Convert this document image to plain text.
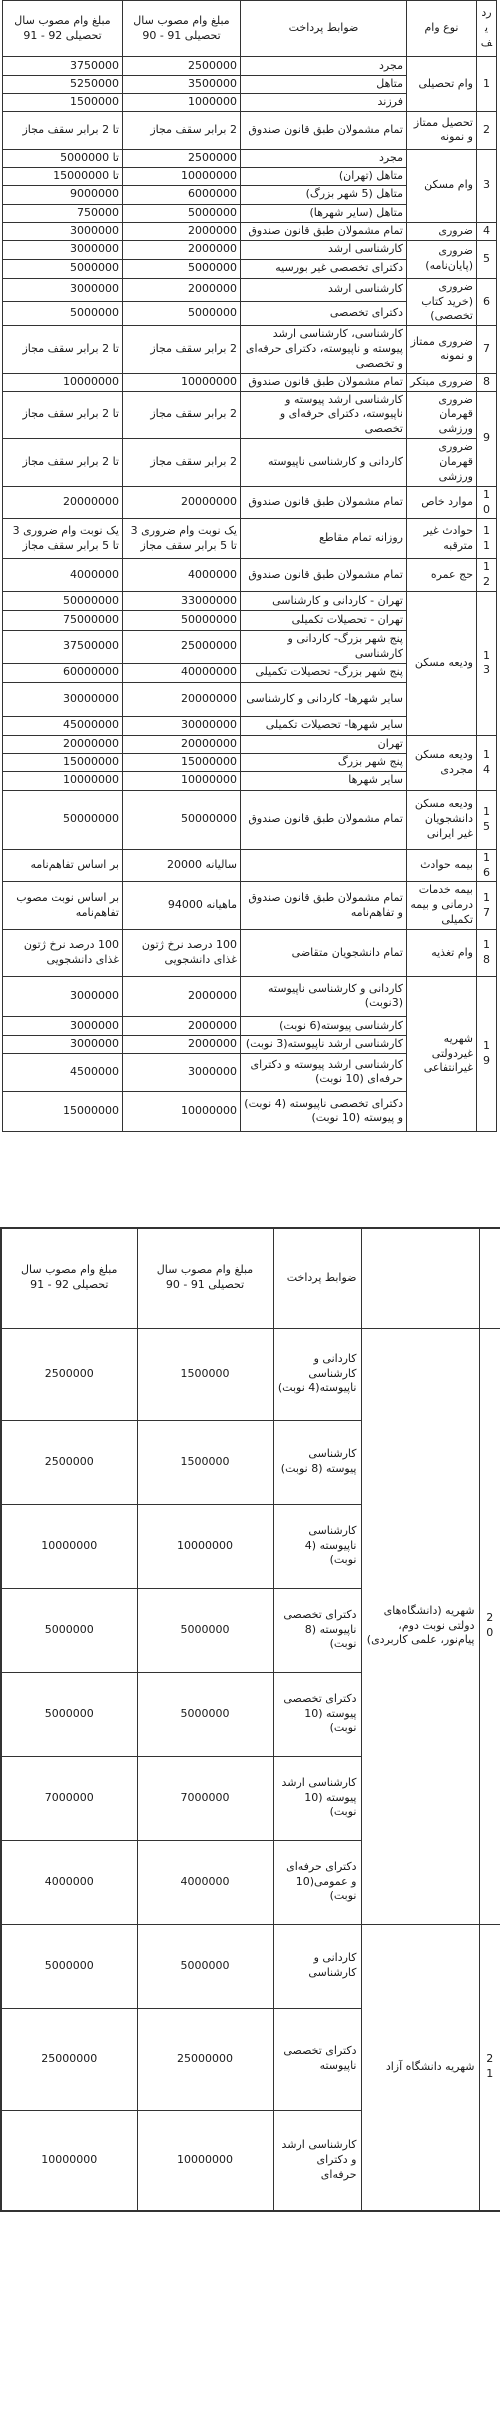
ردیف	نوع وام	ضوابط پرداخت	مبلغ وام مصوب سال تحصیلی 91 - 90	مبلغ وام مصوب سال تحصیلی 92 - 91
1	وام تحصیلی	مجرد	2500000	3750000
		متاهل	3500000	5250000
		فرزند	1000000	1500000
2	تحصیل ممتاز و نمونه	تمام مشمولان طبق قانون صندوق	2 برابر سقف مجاز	تا 2 برابر سقف مجاز
3	وام مسکن	مجرد	2500000	تا 5000000
		متاهل (تهران)	10000000	تا 15000000
		متاهل (5 شهر بزرگ)	6000000	9000000
		متاهل (سایر شهرها)	5000000	750000
4	ضروری	تمام مشمولان طبق قانون صندوق	2000000	3000000
5	ضروری (پایان‌نامه)	کارشناسی ارشد	2000000	3000000
		دکترای تخصصی غیر بورسیه	5000000	5000000
6	ضروری (خرید کتاب تخصصی)	کارشناسی ارشد	2000000	3000000
		دکترای تخصصی	5000000	5000000
7	ضروری ممتاز و نمونه	کارشناسی، کارشناسی ارشد پیوسته و ناپیوسته، دکترای حرفه‌ای و تخصصی	2 برابر سقف مجاز	تا 2 برابر سقف مجاز
8	ضروری مبتکر	تمام مشمولان طبق قانون صندوق	10000000	10000000
9	ضروری قهرمان ورزشی	کارشناسی ارشد پیوسته و ناپیوسته، دکترای حرفه‌ای و تخصصی	2 برابر سقف مجاز	تا 2 برابر سقف مجاز
	ضروری قهرمان ورزشی	کاردانی و کارشناسی ناپیوسته	2 برابر سقف مجاز	تا 2 برابر سقف مجاز
10	موارد خاص	تمام مشمولان طبق قانون صندوق	20000000	20000000
11	حوادث غیر مترقبه	روزانه تمام مقاطع	یک نوبت وام ضروری 3 تا 5 برابر سقف مجاز	یک نوبت وام ضروری 3 تا 5 برابر سقف مجاز
12	حج عمره	تمام مشمولان طبق قانون صندوق	4000000	4000000
13	ودیعه مسکن	تهران - کاردانی و کارشناسی	33000000	50000000
		تهران - تحصیلات تکمیلی	50000000	75000000
		پنج شهر بزرگ- کاردانی و کارشناسی	25000000	37500000
		پنج شهر بزرگ- تحصیلات تکمیلی	40000000	60000000
		سایر شهرها- کاردانی و کارشناسی	20000000	30000000
		سایر شهرها- تحصیلات تکمیلی	30000000	45000000
14	ودیعه مسکن مجردی	تهران	20000000	20000000
		پنج شهر بزرگ	15000000	15000000
		سایر شهرها	10000000	10000000
15	ودیعه مسکن دانشجویان غیر ایرانی	تمام مشمولان طبق قانون صندوق	50000000	50000000
16	بیمه حوادث		سالیانه 20000	بر اساس تفاهم‌نامه
17	بیمه خدمات درمانی و بیمه تکمیلی	تمام مشمولان طبق قانون صندوق و تفاهم‌نامه	ماهیانه 94000	بر اساس نوبت مصوب تفاهم‌نامه
18	وام تغذیه	تمام دانشجویان متقاضی	100 درصد نرخ ژتون غذای دانشجویی	100 درصد نرخ ژتون غذای دانشجویی
19	شهریه غیردولتی غیرانتفاعی	کاردانی و کارشناسی ناپیوسته (3نوبت)	2000000	3000000
		کارشناسی پیوسته(6 نوبت)	2000000	3000000
		کارشناسی ارشد ناپیوسته(3 نوبت)	2000000	3000000
		کارشناسی ارشد پیوسته و دکترای حرفه‌ای (10 نوبت)	3000000	4500000
		دکترای تخصصی ناپیوسته (4 نوبت) و پیوسته (10 نوبت)	10000000	15000000
		ضوابط پرداخت	مبلغ وام مصوب سال تحصیلی 91 - 90	مبلغ وام مصوب سال تحصیلی 92 - 91
20	شهریه (دانشگاه‌های دولتی نوبت دوم، پیام‌نور، علمی کاربردی)	کاردانی و کارشناسی ناپیوسته(4 نوبت)	1500000	2500000
		کارشناسی پیوسته (8 نوبت)	1500000	2500000
		کارشناسی ناپیوسته (4 نوبت)	10000000	10000000
		دکترای تخصصی ناپیوسته (8 نوبت)	5000000	5000000
		دکترای تخصصی پیوسته (10 نوبت)	5000000	5000000
		کارشناسی ارشد پیوسته (10 نوبت)	7000000	7000000
		دکترای حرفه‌ای و عمومی(10 نوبت)	4000000	4000000
21	شهریه دانشگاه آزاد	کاردانی و کارشناسی	5000000	5000000
		دکترای تخصصی ناپیوسته	25000000	25000000
		کارشناسی ارشد و دکترای حرفه‌ای	10000000	10000000
